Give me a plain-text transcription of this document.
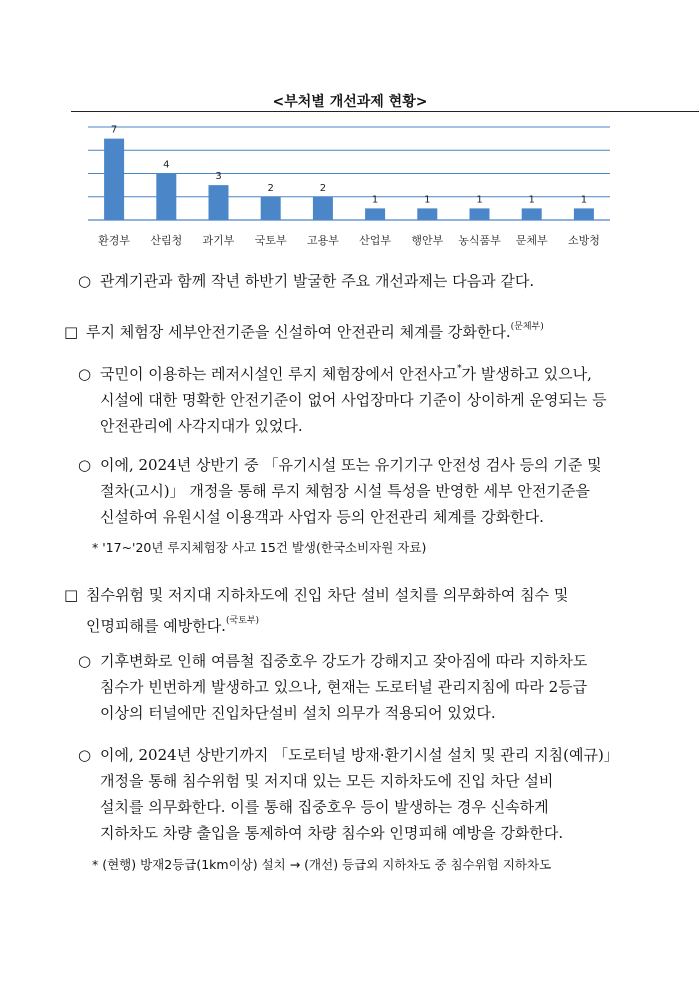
<부처별 개선과제 현황>
7
환경부
4
산림청
3
과기부
2
국토부
2
고용부
1
산업부
1
행안부
1
농식품부
1
문체부
1
소방청
○ 관계기관과 함께 작년 하반기 발굴한 주요 개선과제는 다음과 같다.
□ 루지 체험장 세부안전기준을 신설하여 안전관리 체계를 강화한다.$^{(문체부)}$
○ 국민이 이용하는 레저시설인 루지 체험장에서 안전사고*가 발생하고 있으나,
시설에 대한 명확한 안전기준이 없어 사업장마다 기준이 상이하게 운영되는 등
안전관리에 사각지대가 있었다.
○ 이에, 2024년 상반기 중 「유기시설 또는 유기기구 안전성 검사 등의 기준 및
절차(고시)」 개정을 통해 루지 체험장 시설 특성을 반영한 세부 안전기준을
신설하여 유원시설 이용객과 사업자 등의 안전관리 체계를 강화한다.
* '17~'20년 루지체험장 사고 15건 발생(한국소비자원 자료)
□ 침수위험 및 저지대 지하차도에 진입 차단 설비 설치를 의무화하여 침수 및
인명피해를 예방한다.$^{(국토부)}$
○ 기후변화로 인해 여름철 집중호우 강도가 강해지고 잦아짐에 따라 지하차도
침수가 빈번하게 발생하고 있으나, 현재는 도로터널 관리지침에 따라 2등급
이상의 터널에만 진입차단설비 설치 의무가 적용되어 있었다.
○ 이에, 2024년 상반기까지 「도로터널 방재·환기시설 설치 및 관리 지침(예규)」
개정을 통해 침수위험 및 저지대 있는 모든 지하차도에 진입 차단 설비
설치를 의무화한다. 이를 통해 집중호우 등이 발생하는 경우 신속하게
지하차도 차량 출입을 통제하여 차량 침수와 인명피해 예방을 강화한다.
* (현행) 방재2등급(1km이상) 설치 → (개선) 등급외 지하차도 중 침수위험 지하차도
